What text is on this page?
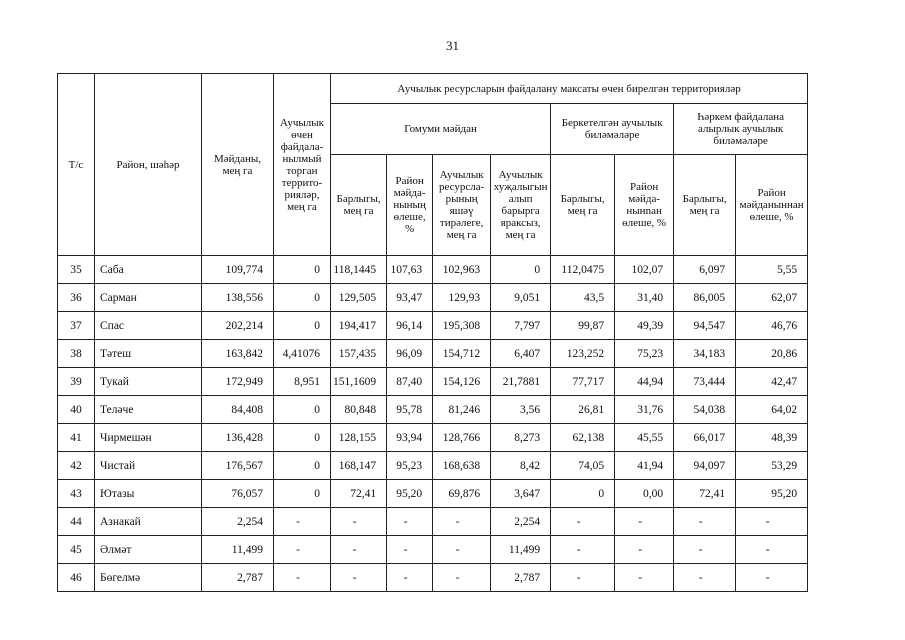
31
Т/с	Район, шәһәр	Мәйданы, мең га	Аучылык өчен файдала-нылмый торган террито-рияләр, мең га	Аучылык ресурсларын файдалану максаты өчен бирелгән территорияләр							
				Гомуми мәйдан				Беркетелгән аучылык биләмәләре		Һәркем файдалана алырлык аучылык биләмәләре	
				Барлыгы, мең га	Район мәйда-нының өлеше, %	Аучылык ресурсла-рының яшәү тирәлеге, мең га	Аучылык хуҗалыгын алып барырга яраксыз, мең га	Барлыгы, мең га	Район мәйда-нынnан өлеше, %	Барлыгы, мең га	Район мәйданыннан өлеше, %
35	Саба	109,774	0	118,1445	107,63	102,963	0	112,0475	102,07	6,097	5,55
36	Сарман	138,556	0	129,505	93,47	129,93	9,051	43,5	31,40	86,005	62,07
37	Спас	202,214	0	194,417	96,14	195,308	7,797	99,87	49,39	94,547	46,76
38	Тәтеш	163,842	4,41076	157,435	96,09	154,712	6,407	123,252	75,23	34,183	20,86
39	Тукай	172,949	8,951	151,1609	87,40	154,126	21,7881	77,717	44,94	73,444	42,47
40	Теләче	84,408	0	80,848	95,78	81,246	3,56	26,81	31,76	54,038	64,02
41	Чирмешән	136,428	0	128,155	93,94	128,766	8,273	62,138	45,55	66,017	48,39
42	Чистай	176,567	0	168,147	95,23	168,638	8,42	74,05	41,94	94,097	53,29
43	Ютазы	76,057	0	72,41	95,20	69,876	3,647	0	0,00	72,41	95,20
44	Азнакай	2,254	-	-	-	-	2,254	-	-	-	-
45	Әлмәт	11,499	-	-	-	-	11,499	-	-	-	-
46	Бөгелмә	2,787	-	-	-	-	2,787	-	-	-	-
